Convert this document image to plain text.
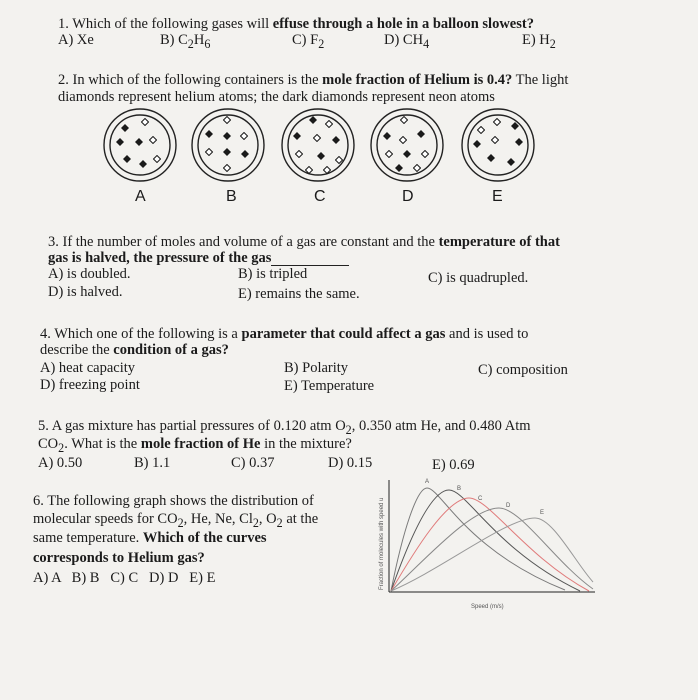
1. Which of the following gases will effuse through a hole in a balloon slowest?
A) Xe	B) $C_2H_6$	C) $F_2$	D) $CH_4$	E) $H_2$
2. In which of the following containers is the mole fraction of Helium is 0.4? The light
diamonds represent helium atoms; the dark diamonds represent neon atoms
A	B	C	D	E
3. If the number of moles and volume of a gas are constant and the temperature of that
gas is halved, the pressure of the gas
A) is doubled.	B) is tripled	C) is quadrupled.
D) is halved.	E) remains the same.
4. Which one of the following is a parameter that could affect a gas and is used to
describe the condition of a gas?
A) heat capacity	B) Polarity	C) composition
D) freezing point	E) Temperature
5. A gas mixture has partial pressures of 0.120 atm $O_2$, 0.350 atm He, and 0.480 Atm
$CO_2$. What is the mole fraction of He in the mixture?
A) 0.50	B) 1.1	C) 0.37	D) 0.15	E) 0.69
6. The following graph shows the distribution of
molecular speeds for $CO_2$, He, Ne, $Cl_2$, $O_2$ at the
same temperature. Which of the curves
corresponds to Helium gas?
A) A   B) B   C) C   D) D   E) E	Fraction of molecules with speed u
Speed (m/s)
A
B
C
D
E
